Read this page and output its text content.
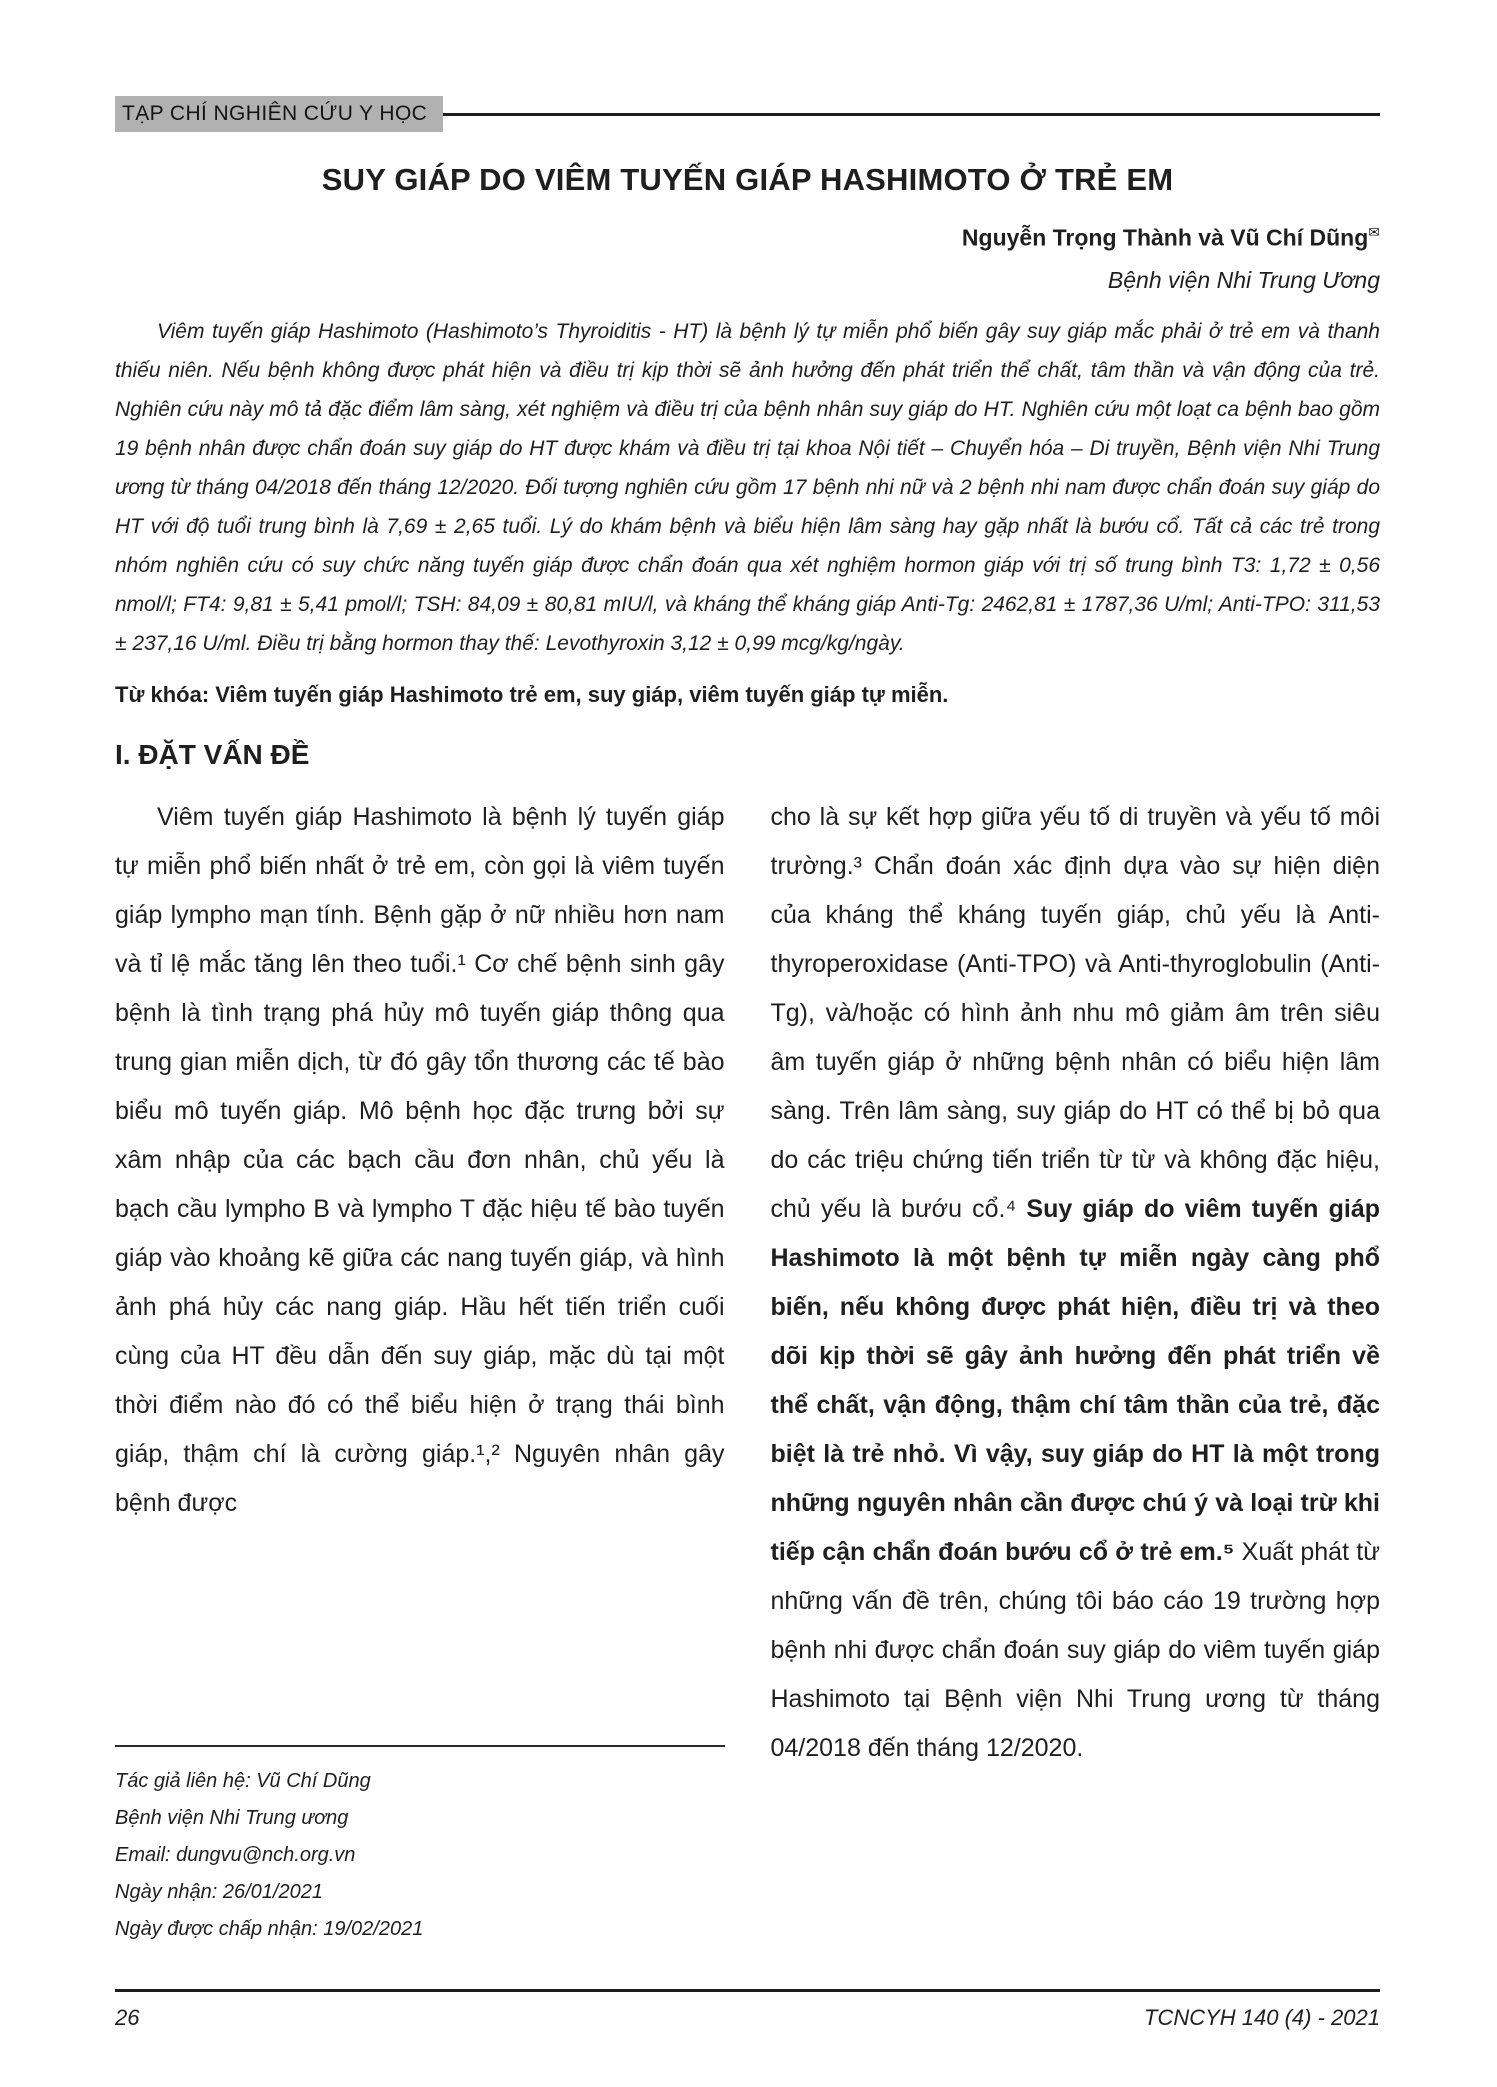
TẠP CHÍ NGHIÊN CỨU Y HỌC
SUY GIÁP DO VIÊM TUYẾN GIÁP HASHIMOTO Ở TRẺ EM
Nguyễn Trọng Thành và Vũ Chí Dũng✉
Bệnh viện Nhi Trung Ương

Viêm tuyến giáp Hashimoto (Hashimoto’s Thyroiditis - HT) là bệnh lý tự miễn phổ biến gây suy giáp mắc phải ở trẻ em và thanh thiếu niên. Nếu bệnh không được phát hiện và điều trị kịp thời sẽ ảnh hưởng đến phát triển thể chất, tâm thần và vận động của trẻ. Nghiên cứu này mô tả đặc điểm lâm sàng, xét nghiệm và điều trị của bệnh nhân suy giáp do HT. Nghiên cứu một loạt ca bệnh bao gồm 19 bệnh nhân được chẩn đoán suy giáp do HT được khám và điều trị tại khoa Nội tiết – Chuyển hóa – Di truyền, Bệnh viện Nhi Trung ương từ tháng 04/2018 đến tháng 12/2020. Đối tượng nghiên cứu gồm 17 bệnh nhi nữ và 2 bệnh nhi nam được chẩn đoán suy giáp do HT với độ tuổi trung bình là 7,69 ± 2,65 tuổi. Lý do khám bệnh và biểu hiện lâm sàng hay gặp nhất là bướu cổ. Tất cả các trẻ trong nhóm nghiên cứu có suy chức năng tuyến giáp được chẩn đoán qua xét nghiệm hormon giáp với trị số trung bình T3: 1,72 ± 0,56 nmol/l; FT4: 9,81 ± 5,41 pmol/l; TSH: 84,09 ± 80,81 mIU/l, và kháng thể kháng giáp Anti-Tg: 2462,81 ± 1787,36 U/ml; Anti-TPO: 311,53 ± 237,16 U/ml. Điều trị bằng hormon thay thế: Levothyroxin 3,12 ± 0,99 mcg/kg/ngày.

Từ khóa: Viêm tuyến giáp Hashimoto trẻ em, suy giáp, viêm tuyến giáp tự miễn.

I. ĐẶT VẤN ĐỀ

Viêm tuyến giáp Hashimoto là bệnh lý tuyến giáp tự miễn phổ biến nhất ở trẻ em, còn gọi là viêm tuyến giáp lympho mạn tính. Bệnh gặp ở nữ nhiều hơn nam và tỉ lệ mắc tăng lên theo tuổi.¹ Cơ chế bệnh sinh gây bệnh là tình trạng phá hủy mô tuyến giáp thông qua trung gian miễn dịch, từ đó gây tổn thương các tế bào biểu mô tuyến giáp. Mô bệnh học đặc trưng bởi sự xâm nhập của các bạch cầu đơn nhân, chủ yếu là bạch cầu lympho B và lympho T đặc hiệu tế bào tuyến giáp vào khoảng kẽ giữa các nang tuyến giáp, và hình ảnh phá hủy các nang giáp. Hầu hết tiến triển cuối cùng của HT đều dẫn đến suy giáp, mặc dù tại một thời điểm nào đó có thể biểu hiện ở trạng thái bình giáp, thậm chí là cường giáp.¹,² Nguyên nhân gây bệnh được

Tác giả liên hệ: Vũ Chí Dũng
Bệnh viện Nhi Trung ương
Email: dungvu@nch.org.vn
Ngày nhận: 26/01/2021
Ngày được chấp nhận: 19/02/2021

cho là sự kết hợp giữa yếu tố di truyền và yếu tố môi trường.³ Chẩn đoán xác định dựa vào sự hiện diện của kháng thể kháng tuyến giáp, chủ yếu là Anti-thyroperoxidase (Anti-TPO) và Anti-thyroglobulin (Anti-Tg), và/hoặc có hình ảnh nhu mô giảm âm trên siêu âm tuyến giáp ở những bệnh nhân có biểu hiện lâm sàng. Trên lâm sàng, suy giáp do HT có thể bị bỏ qua do các triệu chứng tiến triển từ từ và không đặc hiệu, chủ yếu là bướu cổ.⁴ Suy giáp do viêm tuyến giáp Hashimoto là một bệnh tự miễn ngày càng phổ biến, nếu không được phát hiện, điều trị và theo dõi kịp thời sẽ gây ảnh hưởng đến phát triển về thể chất, vận động, thậm chí tâm thần của trẻ, đặc biệt là trẻ nhỏ. Vì vậy, suy giáp do HT là một trong những nguyên nhân cần được chú ý và loại trừ khi tiếp cận chẩn đoán bướu cổ ở trẻ em.⁵ Xuất phát từ những vấn đề trên, chúng tôi báo cáo 19 trường hợp bệnh nhi được chẩn đoán suy giáp do viêm tuyến giáp Hashimoto tại Bệnh viện Nhi Trung ương từ tháng 04/2018 đến tháng 12/2020.

26	TCNCYH 140 (4) - 2021
